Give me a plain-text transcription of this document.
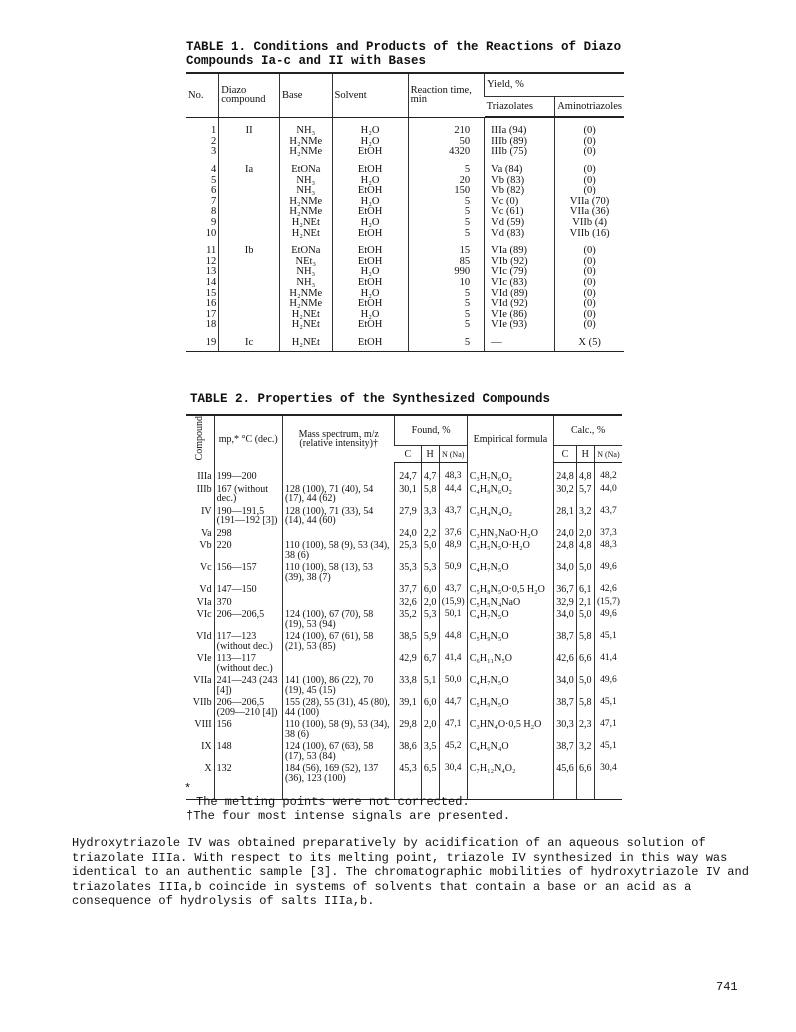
TABLE 1. Conditions and Products of the Reactions of Diazo
Compounds Ia-c and II with Bases
No.	Diazo compound	Base	Solvent	Reaction time, min	Yield, %	
					Triazolates	Aminotriazoles

1	II	NH₃	H₂O	210	IIIa (94)	(0)
2		H₂NMe	H₂O	50	IIIb (89)	(0)
3		H₂NMe	EtOH	4320	IIIb (75)	(0)
4	Ia	EtONa	EtOH	5	Va (84)	(0)
5		NH₃	H₂O	20	Vb (83)	(0)
6		NH₃	EtOH	150	Vb (82)	(0)
7		H₂NMe	H₂O	5	Vc (0)	VIIa (70)
8		H₂NMe	EtOH	5	Vc (61)	VIIa (36)
9		H₂NEt	H₂O	5	Vd (59)	VIIb (4)
10		H₂NEt	EtOH	5	Vd (83)	VIIb (16)
11	Ib	EtONa	EtOH	15	VIa (89)	(0)
12		NEt₃	EtOH	85	VIb (92)	(0)
13		NH₃	H₂O	990	VIc (79)	(0)
14		NH₃	EtOH	10	VIc (83)	(0)
15		H₂NMe	H₂O	5	VId (89)	(0)
16		H₂NMe	EtOH	5	VId (92)	(0)
17		H₂NEt	H₂O	5	VIe (86)	(0)
18		H₂NEt	EtOH	5	VIe (93)	(0)
19	Ic	H₂NEt	EtOH	5	—	X (5)
TABLE 2. Properties of the Synthesized Compounds
Compound	mp,* °C (dec.)	Mass spectrum, m/z (relative intensity)†	Found, %			Empirical formula	Calc., %		
			C	H	N (Na)		C	H	N (Na)
IIIa	199—200		24,7	4,7	48,3	C₃H₇N₆O₂	24,8	4,8	48,2
IIIb	167 (without dec.)	128 (100), 71 (40), 54 (17), 44 (62)	30,1	5,8	44,4	C₄H₉N₆O₂	30,2	5,7	44,0
IV	190—191,5 (191—192 [3])	128 (100), 71 (33), 54 (14), 44 (60)	27,9	3,3	43,7	C₃H₄N₄O₂	28,1	3,2	43,7
Va	298		24,0	2,2	37,6	C₃HN₃NaO·H₂O	24,0	2,0	37,3
Vb	220	110 (100), 58 (9), 53 (34), 38 (6)	25,3	5,0	48,9	C₃H₅N₅O·H₂O	24,8	4,8	48,3
Vc	156—157	110 (100), 58 (13), 53 (39), 38 (7)	35,3	5,3	50,9	C₄H₇N₅O	34,0	5,0	49,6
Vd	147—150		37,7	6,0	43,7	C₅H₈N₅O·0,5 H₂O	36,7	6,1	42,6
VIa	370		32,6	2,0	(15,9)	C₅H₅N₄NaO	32,9	2,1	(15,7)
VIc	206—206,5	124 (100), 67 (70), 58 (19), 53 (94)	35,2	5,3	50,1	C₄H₇N₅O	34,0	5,0	49,6
VId	117—123 (without dec.)	124 (100), 67 (61), 58 (21), 53 (85)	38,5	5,9	44,8	C₅H₉N₅O	38,7	5,8	45,1
VIe	113—117 (without dec.)		42,9	6,7	41,4	C₆H₁₁N₅O	42,6	6,6	41,4
VIIa	241—243 (243 [4])	141 (100), 86 (22), 70 (19), 45 (15)	33,8	5,1	50,0	C₄H₇N₅O	34,0	5,0	49,6
VIIb	206—206,5 (209—210 [4])	155 (28), 55 (31), 45 (80), 44 (100)	39,1	6,0	44,7	C₅H₉N₅O	38,7	5,8	45,1
VIII	156	110 (100), 58 (9), 53 (34), 38 (6)	29,8	2,0	47,1	C₃HN₄O·0,5 H₂O	30,3	2,3	47,1
IX	148	124 (100), 67 (63), 58 (17), 53 (84)	38,6	3,5	45,2	C₄H₆N₄O	38,7	3,2	45,1
X	132	184 (56), 169 (52), 137 (36), 123 (100)	45,3	6,5	30,4	C₇H₁₂N₄O₂	45,6	6,6	30,4
*
The melting points were not corrected.
†The four most intense signals are presented.
Hydroxytriazole IV was obtained preparatively by acidification of an aqueous solution of triazolate IIIa. With respect to its melting point, triazole IV synthesized in this way was identical to an authentic sample [3]. The chromatographic mobilities of hydroxytriazole IV and triazolates IIIa,b coincide in systems of solvents that contain a base or an acid as a consequence of hydrolysis of salts IIIa,b.
741
